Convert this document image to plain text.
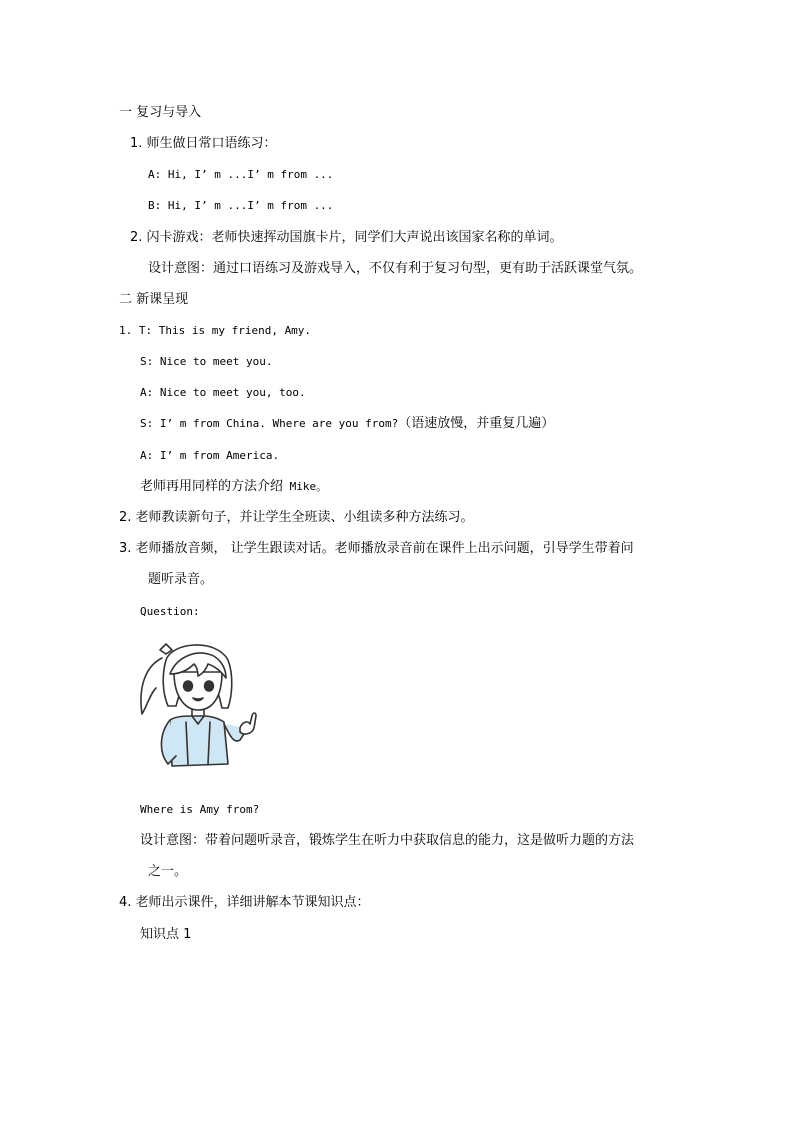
一 复习与导入
1. 师生做日常口语练习：
A: Hi, I’ m ...I’ m from ...
B: Hi, I’ m ...I’ m from ...
2. 闪卡游戏：老师快速挥动国旗卡片，同学们大声说出该国家名称的单词。
设计意图：通过口语练习及游戏导入，不仅有利于复习句型，更有助于活跃课堂气氛。
二 新课呈现
1. T: This is my friend, Amy.
S: Nice to meet you.
A: Nice to meet you, too.
S: I’ m from China. Where are you from?（语速放慢，并重复几遍）
A: I’ m from America.
老师再用同样的方法介绍 Mike。
2. 老师教读新句子，并让学生全班读、小组读多种方法练习。
3. 老师播放音频， 让学生跟读对话。老师播放录音前在课件上出示问题，引导学生带着问
题听录音。
Question:
Where is Amy from?
设计意图：带着问题听录音，锻炼学生在听力中获取信息的能力，这是做听力题的方法
之一。
4. 老师出示课件，详细讲解本节课知识点：
知识点 1
